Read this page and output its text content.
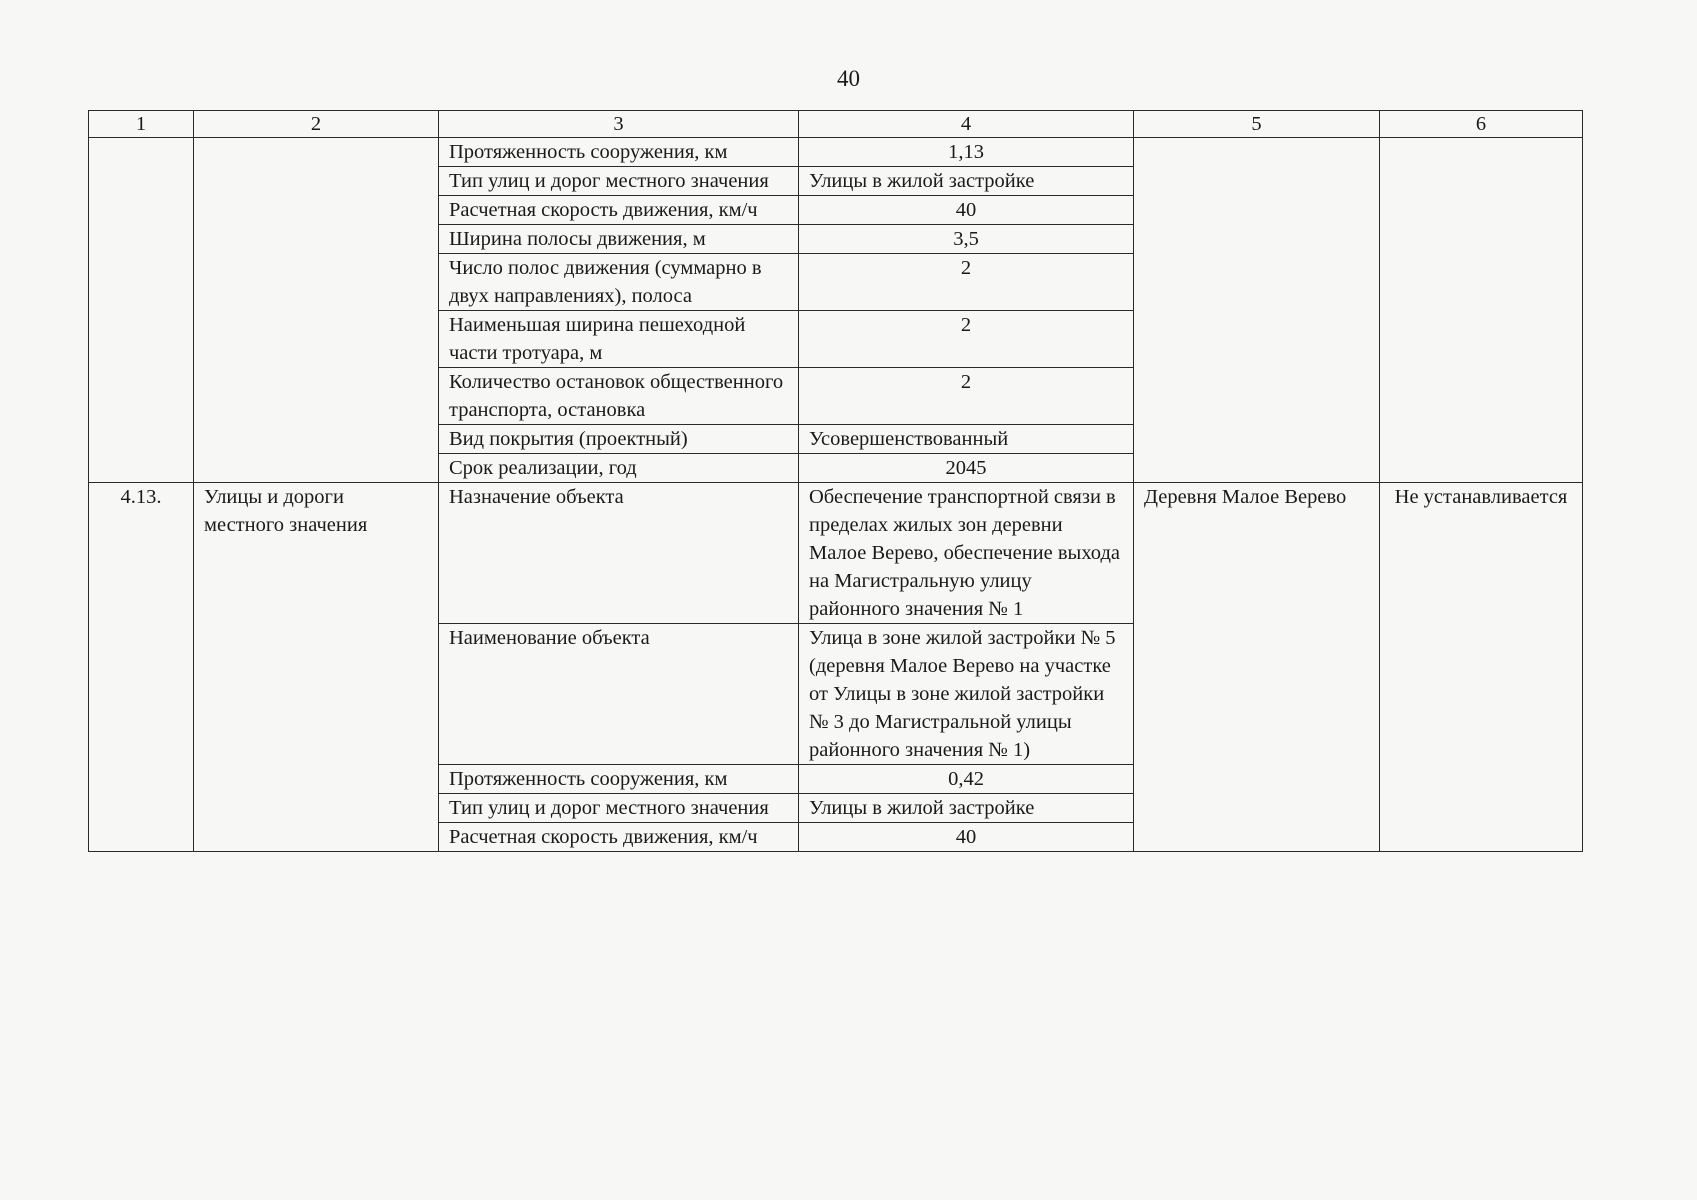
40
1	2	3	4	5	6
		Протяженность сооружения, км	1,13		
		Тип улиц и дорог местного значения	Улицы в жилой застройке		
		Расчетная скорость движения, км/ч	40		
		Ширина полосы движения, м	3,5		
		Число полос движения (суммарно в двух направлениях), полоса	2		
		Наименьшая ширина пешеходной части тротуара, м	2		
		Количество остановок общественного транспорта, остановка	2		
		Вид покрытия (проектный)	Усовершенствованный		
		Срок реализации, год	2045		
4.13.	Улицы и дороги местного значения	Назначение объекта	Обеспечение транспортной связи в пределах жилых зон деревни Малое Верево, обеспечение выхода на Магистральную улицу районного значения № 1	Деревня Малое Верево	Не устанавливается
		Наименование объекта	Улица в зоне жилой застройки № 5 (деревня Малое Верево на участке от Улицы в зоне жилой застройки № 3 до Магистральной улицы районного значения № 1)		
		Протяженность сооружения, км	0,42		
		Тип улиц и дорог местного значения	Улицы в жилой застройке		
		Расчетная скорость движения, км/ч	40		
